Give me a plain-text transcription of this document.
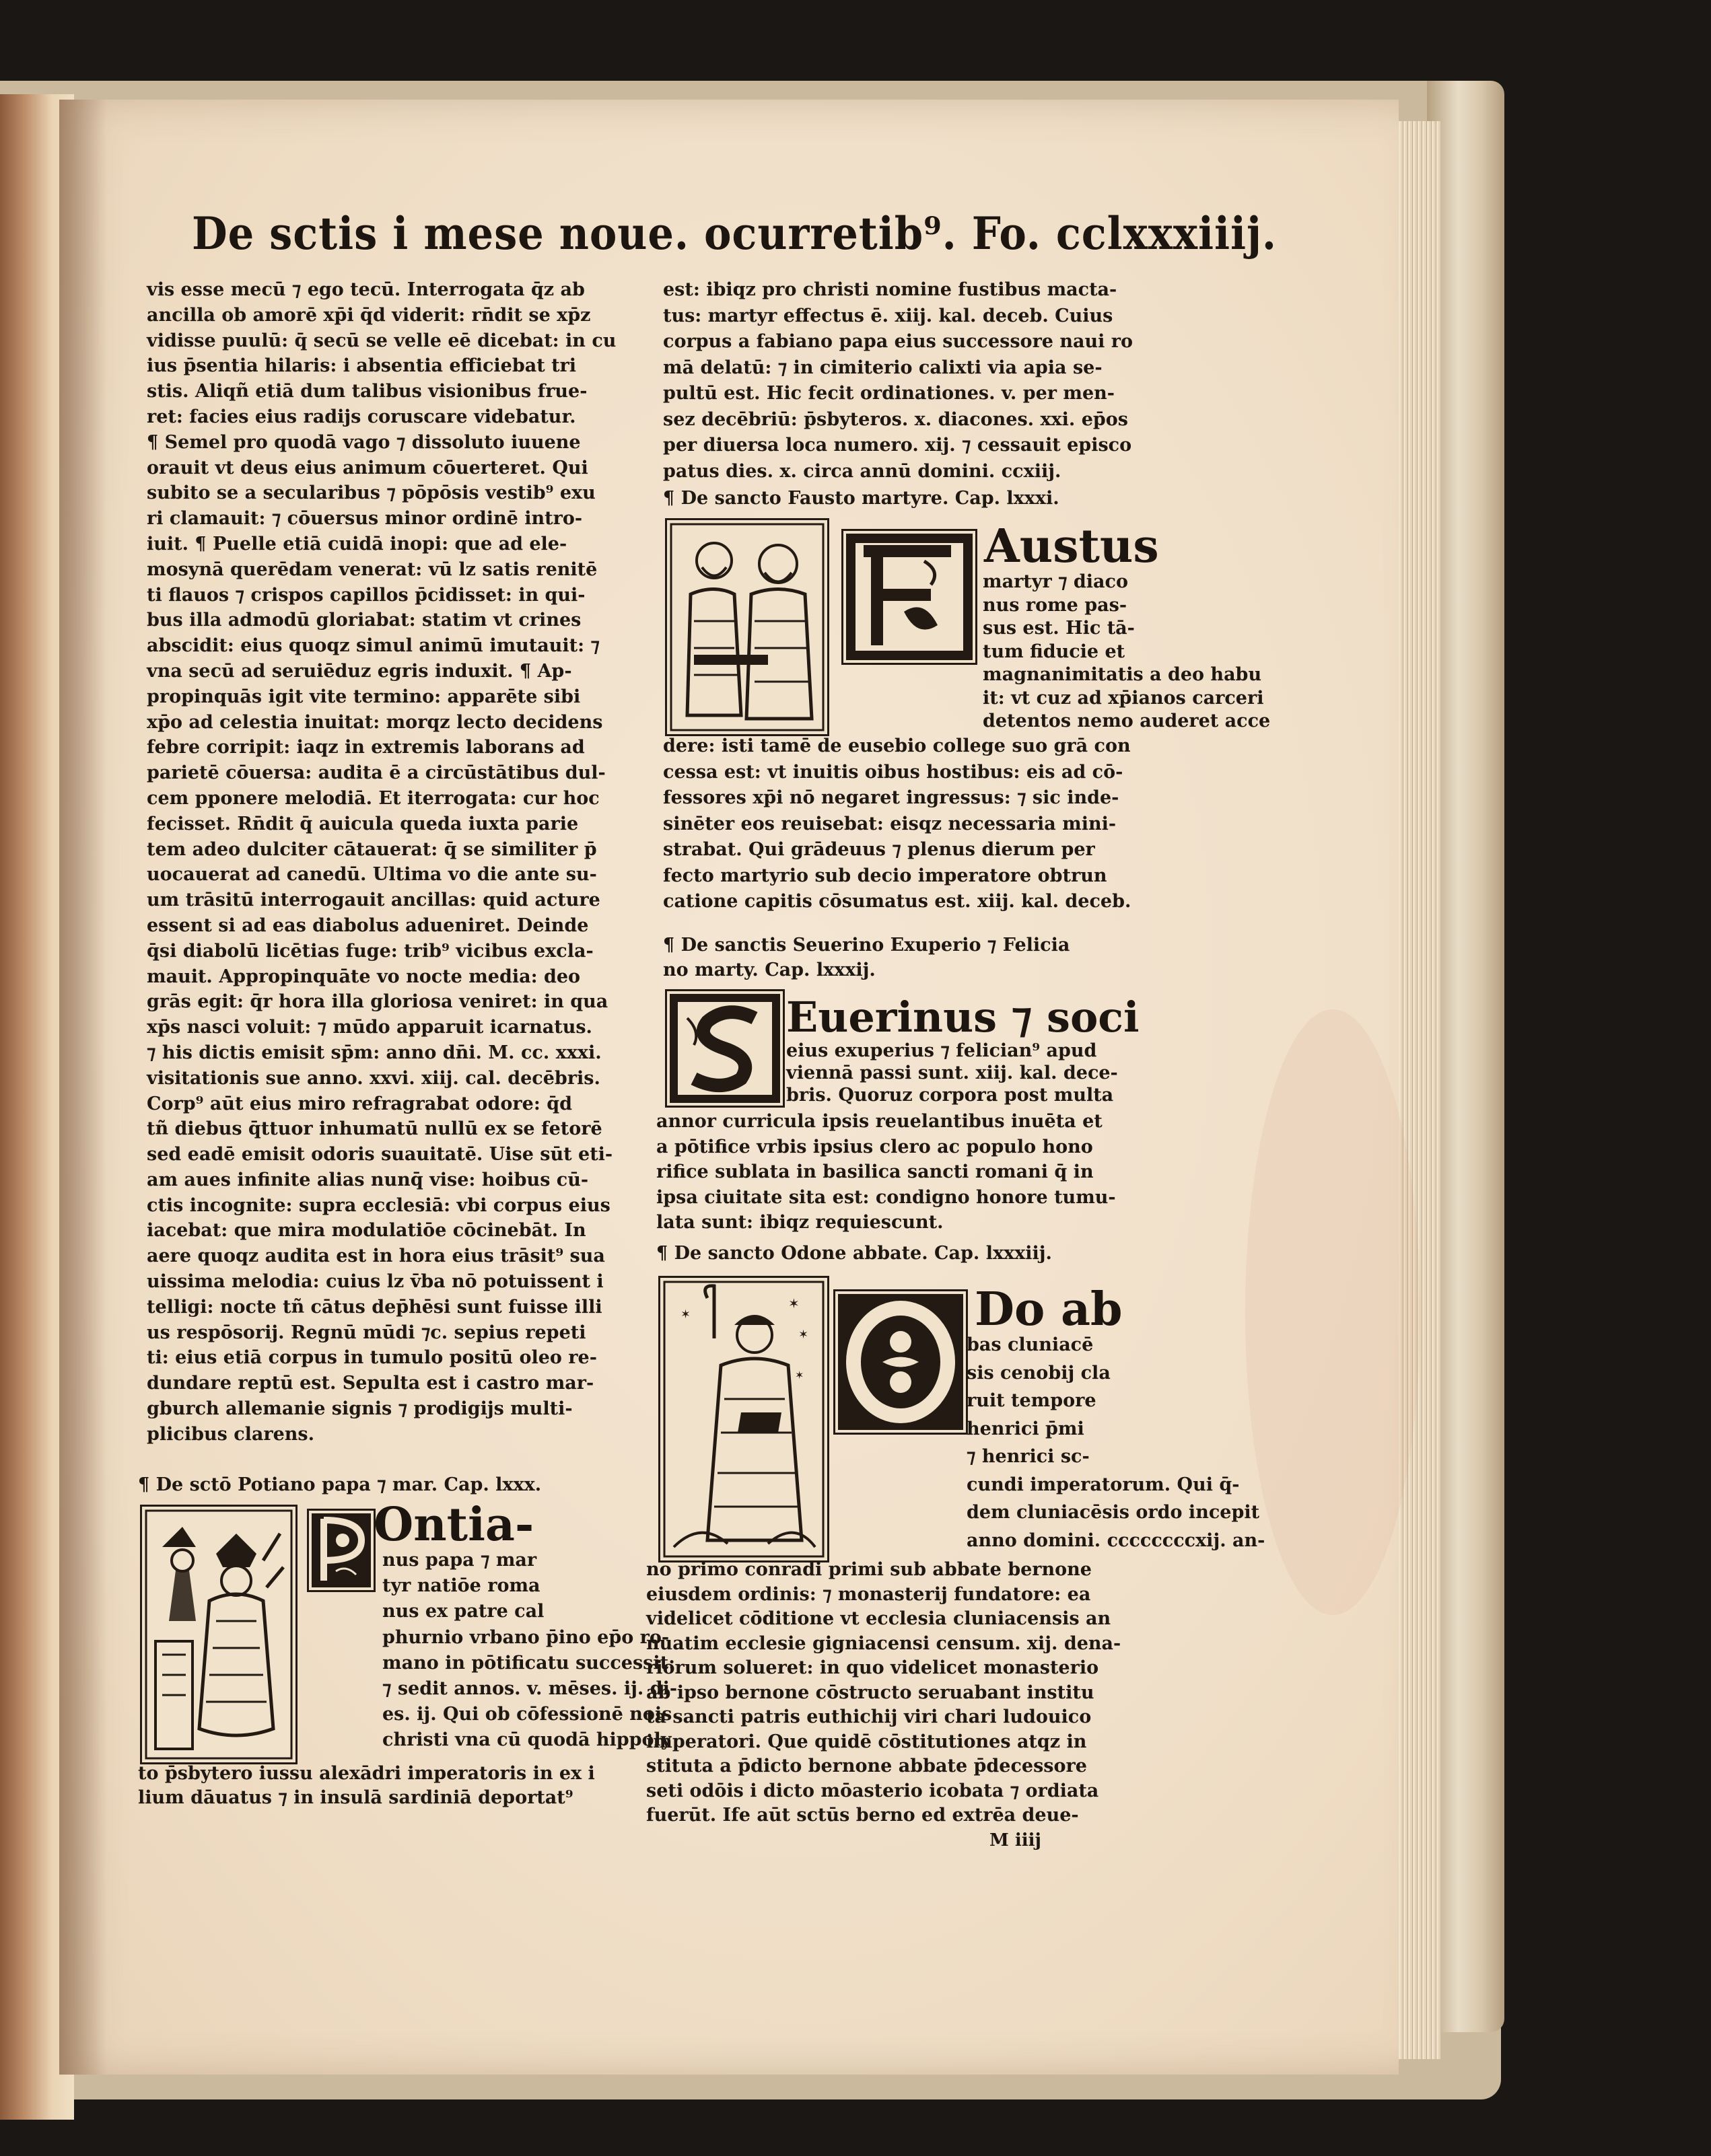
De sctis i mese noue. ocurretib⁹. Fo. cclxxxiiij.

vis esse mecū ⁊ ego tecū. Interrogata q̄z ab

ancilla ob amorē xp̄i q̄d viderit: rn̄dit se xp̄z

vidisse puulū: q̄ secū se velle eē dicebat: in cu

ius p̄sentia hilaris: i absentia efficiebat tri

stis. Aliqñ etiā dum talibus visionibus frue-

ret: facies eius radijs coruscare videbatur.

¶ Semel pro quodā vago ⁊ dissoluto iuuene

orauit vt deus eius animum cōuerteret. Qui

subito se a secularibus ⁊ pōpōsis vestib⁹ exu

ri clamauit: ⁊ cōuersus minor ordinē intro-

iuit. ¶ Puelle etiā cuidā inopi: que ad ele-

mosynā querēdam venerat: vū lz satis renitē

ti flauos ⁊ crispos capillos p̄cidisset: in qui-

bus illa admodū gloriabat: statim vt crines

abscidit: eius quoqz simul animū imutauit: ⁊

vna secū ad seruiēduz egris induxit. ¶ Ap-

propinquās igit vite termino: apparēte sibi

xp̄o ad celestia inuitat: morqz lecto decidens

febre corripit: iaqz in extremis laborans ad

parietē cōuersa: audita ē a circūstātibus dul-

cem pponere melodiā. Et iterrogata: cur hoc

fecisset. Rn̄dit q̄ auicula queda iuxta parie

tem adeo dulciter cātauerat: q̄ se similiter p̄

uocauerat ad canedū. Ultima vo die ante su-

um trāsitū interrogauit ancillas: quid acture

essent si ad eas diabolus adueniret. Deinde

q̄si diabolū licētias fuge: trib⁹ vicibus excla-

mauit. Appropinquāte vo nocte media: deo

grās egit: q̄r hora illa gloriosa veniret: in qua

xp̄s nasci voluit: ⁊ mūdo apparuit icarnatus.

⁊ his dictis emisit sp̄m: anno dn̄i. M. cc. xxxi.

visitationis sue anno. xxvi. xiij. cal. decēbris.

Corp⁹ aūt eius miro refragrabat odore: q̄d

tñ diebus q̄ttuor inhumatū nullū ex se fetorē

sed eadē emisit odoris suauitatē. Uise sūt eti-

am aues infinite alias nunq̄ vise: hoibus cū-

ctis incognite: supra ecclesiā: vbi corpus eius

iacebat: que mira modulatiōe cōcinebāt. In

aere quoqz audita est in hora eius trāsit⁹ sua

uissima melodia: cuius lz v̄ba nō potuissent i

telligi: nocte tñ cātus dep̄hēsi sunt fuisse illi

us respōsorij. Regnū mūdi ⁊c. sepius repeti

ti: eius etiā corpus in tumulo positū oleo re-

dundare reptū est. Sepulta est i castro mar-

gburch allemanie signis ⁊ prodigijs multi-

plicibus clarens.

¶ De sctō Potiano papa ⁊ mar. Cap. lxxx.

Ontia-

nus papa ⁊ mar

tyr natiōe roma

nus ex patre cal

phurnio vrbano p̄ino ep̄o ro-

mano in pōtificatu successit:

⁊ sedit annos. v. mēses. ij. di-

es. ij. Qui ob cōfessionē nois

christi vna cū quodā hippoly

to p̄sbytero iussu alexādri imperatoris in ex i

lium dāuatus ⁊ in insulā sardiniā deportat⁹

est: ibiqz pro christi nomine fustibus macta-

tus: martyr effectus ē. xiij. kal. deceb. Cuius

corpus a fabiano papa eius successore naui ro

mā delatū: ⁊ in cimiterio calixti via apia se-

pultū est. Hic fecit ordinationes. v. per men-

sez decēbriū: p̄sbyteros. x. diacones. xxi. ep̄os

per diuersa loca numero. xij. ⁊ cessauit episco

patus dies. x. circa annū domini. ccxiij.

¶ De sancto Fausto martyre. Cap. lxxxi.

Austus

martyr ⁊ diaco

nus rome pas-

sus est. Hic tā-

tum fiducie et

magnanimitatis a deo habu

it: vt cuz ad xp̄ianos carceri

detentos nemo auderet acce

dere: isti tamē de eusebio college suo grā con

cessa est: vt inuitis oibus hostibus: eis ad cō-

fessores xp̄i nō negaret ingressus: ⁊ sic inde-

sinēter eos reuisebat: eisqz necessaria mini-

strabat. Qui grādeuus ⁊ plenus dierum per

fecto martyrio sub decio imperatore obtrun

catione capitis cōsumatus est. xiij. kal. deceb.

¶ De sanctis Seuerino Exuperio ⁊ Felicia

no marty. Cap. lxxxij.

Euerinus ⁊ soci

eius exuperius ⁊ felician⁹ apud

viennā passi sunt. xiij. kal. dece-

bris. Quoruz corpora post multa

annor curricula ipsis reuelantibus inuēta et

a pōtifice vrbis ipsius clero ac populo hono

rifice sublata in basilica sancti romani q̄ in

ipsa ciuitate sita est: condigno honore tumu-

lata sunt: ibiqz requiescunt.

¶ De sancto Odone abbate. Cap. lxxxiij.

✶
✶
✶
✶
Do ab

bas cluniacē

sis cenobij cla

ruit tempore

henrici p̄mi

⁊ henrici sc-

cundi imperatorum. Qui q̄-

dem cluniacēsis ordo incepit

anno domini. ccccccccxij. an-

no primo conradi primi sub abbate bernone

eiusdem ordinis: ⁊ monasterij fundatore: ea

videlicet cōditione vt ecclesia cluniacensis an

nuatim ecclesie gigniacensi censum. xij. dena-

riorum solueret: in quo videlicet monasterio

ab ipso bernone cōstructo seruabant institu

ta sancti patris euthichij viri chari ludouico

imperatori. Que quidē cōstitutiones atqz in

stituta a p̄dicto bernone abbate p̄decessore

seti odōis i dicto mōasterio icobata ⁊ ordiata

fuerūt. Ife aūt sctūs berno ed extrēa deue-

M iiij
